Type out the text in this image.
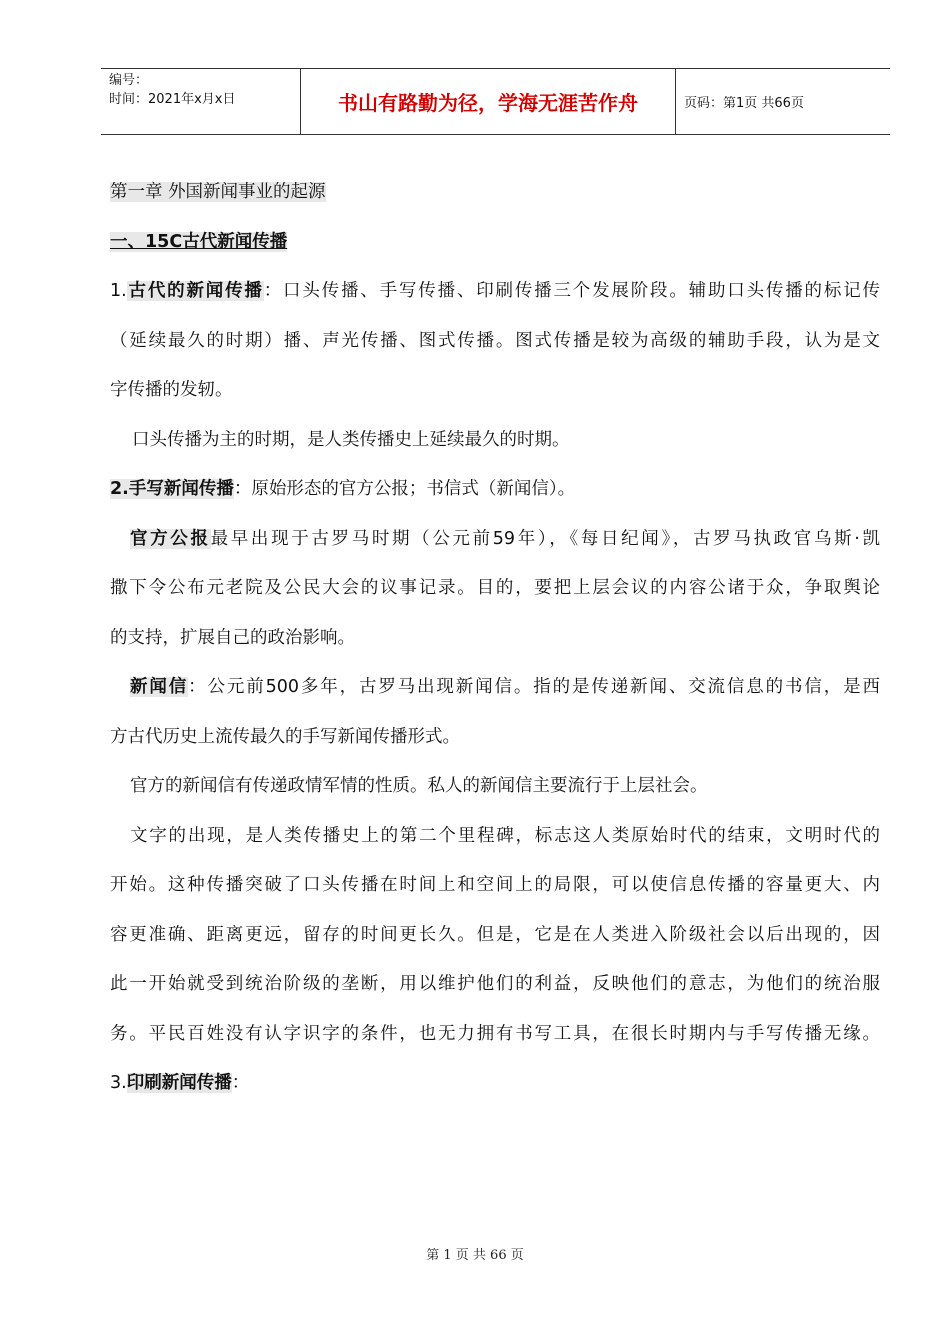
编号：
时间：2021年x月x日	书山有路勤为径，学海无涯苦作舟	页码：第1页 共66页
第一章 外国新闻事业的起源
一、15C古代新闻传播
1.古代的新闻传播：口头传播、手写传播、印刷传播三个发展阶段。辅助口头传播的标记传
（延续最久的时期）播、声光传播、图式传播。图式传播是较为高级的辅助手段，认为是文
字传播的发轫。
口头传播为主的时期，是人类传播史上延续最久的时期。
2.手写新闻传播：原始形态的官方公报；书信式（新闻信）。
官方公报最早出现于古罗马时期（公元前59年），《每日纪闻》，古罗马执政官乌斯·凯
撒下令公布元老院及公民大会的议事记录。目的，要把上层会议的内容公诸于众，争取舆论
的支持，扩展自己的政治影响。
新闻信：公元前500多年，古罗马出现新闻信。指的是传递新闻、交流信息的书信，是西
方古代历史上流传最久的手写新闻传播形式。
官方的新闻信有传递政情军情的性质。私人的新闻信主要流行于上层社会。
文字的出现，是人类传播史上的第二个里程碑，标志这人类原始时代的结束，文明时代的
开始。这种传播突破了口头传播在时间上和空间上的局限，可以使信息传播的容量更大、内
容更准确、距离更远，留存的时间更长久。但是，它是在人类进入阶级社会以后出现的，因
此一开始就受到统治阶级的垄断，用以维护他们的利益，反映他们的意志，为他们的统治服
务。平民百姓没有认字识字的条件，也无力拥有书写工具，在很长时期内与手写传播无缘。
3.印刷新闻传播：
第 1 页 共 66 页
